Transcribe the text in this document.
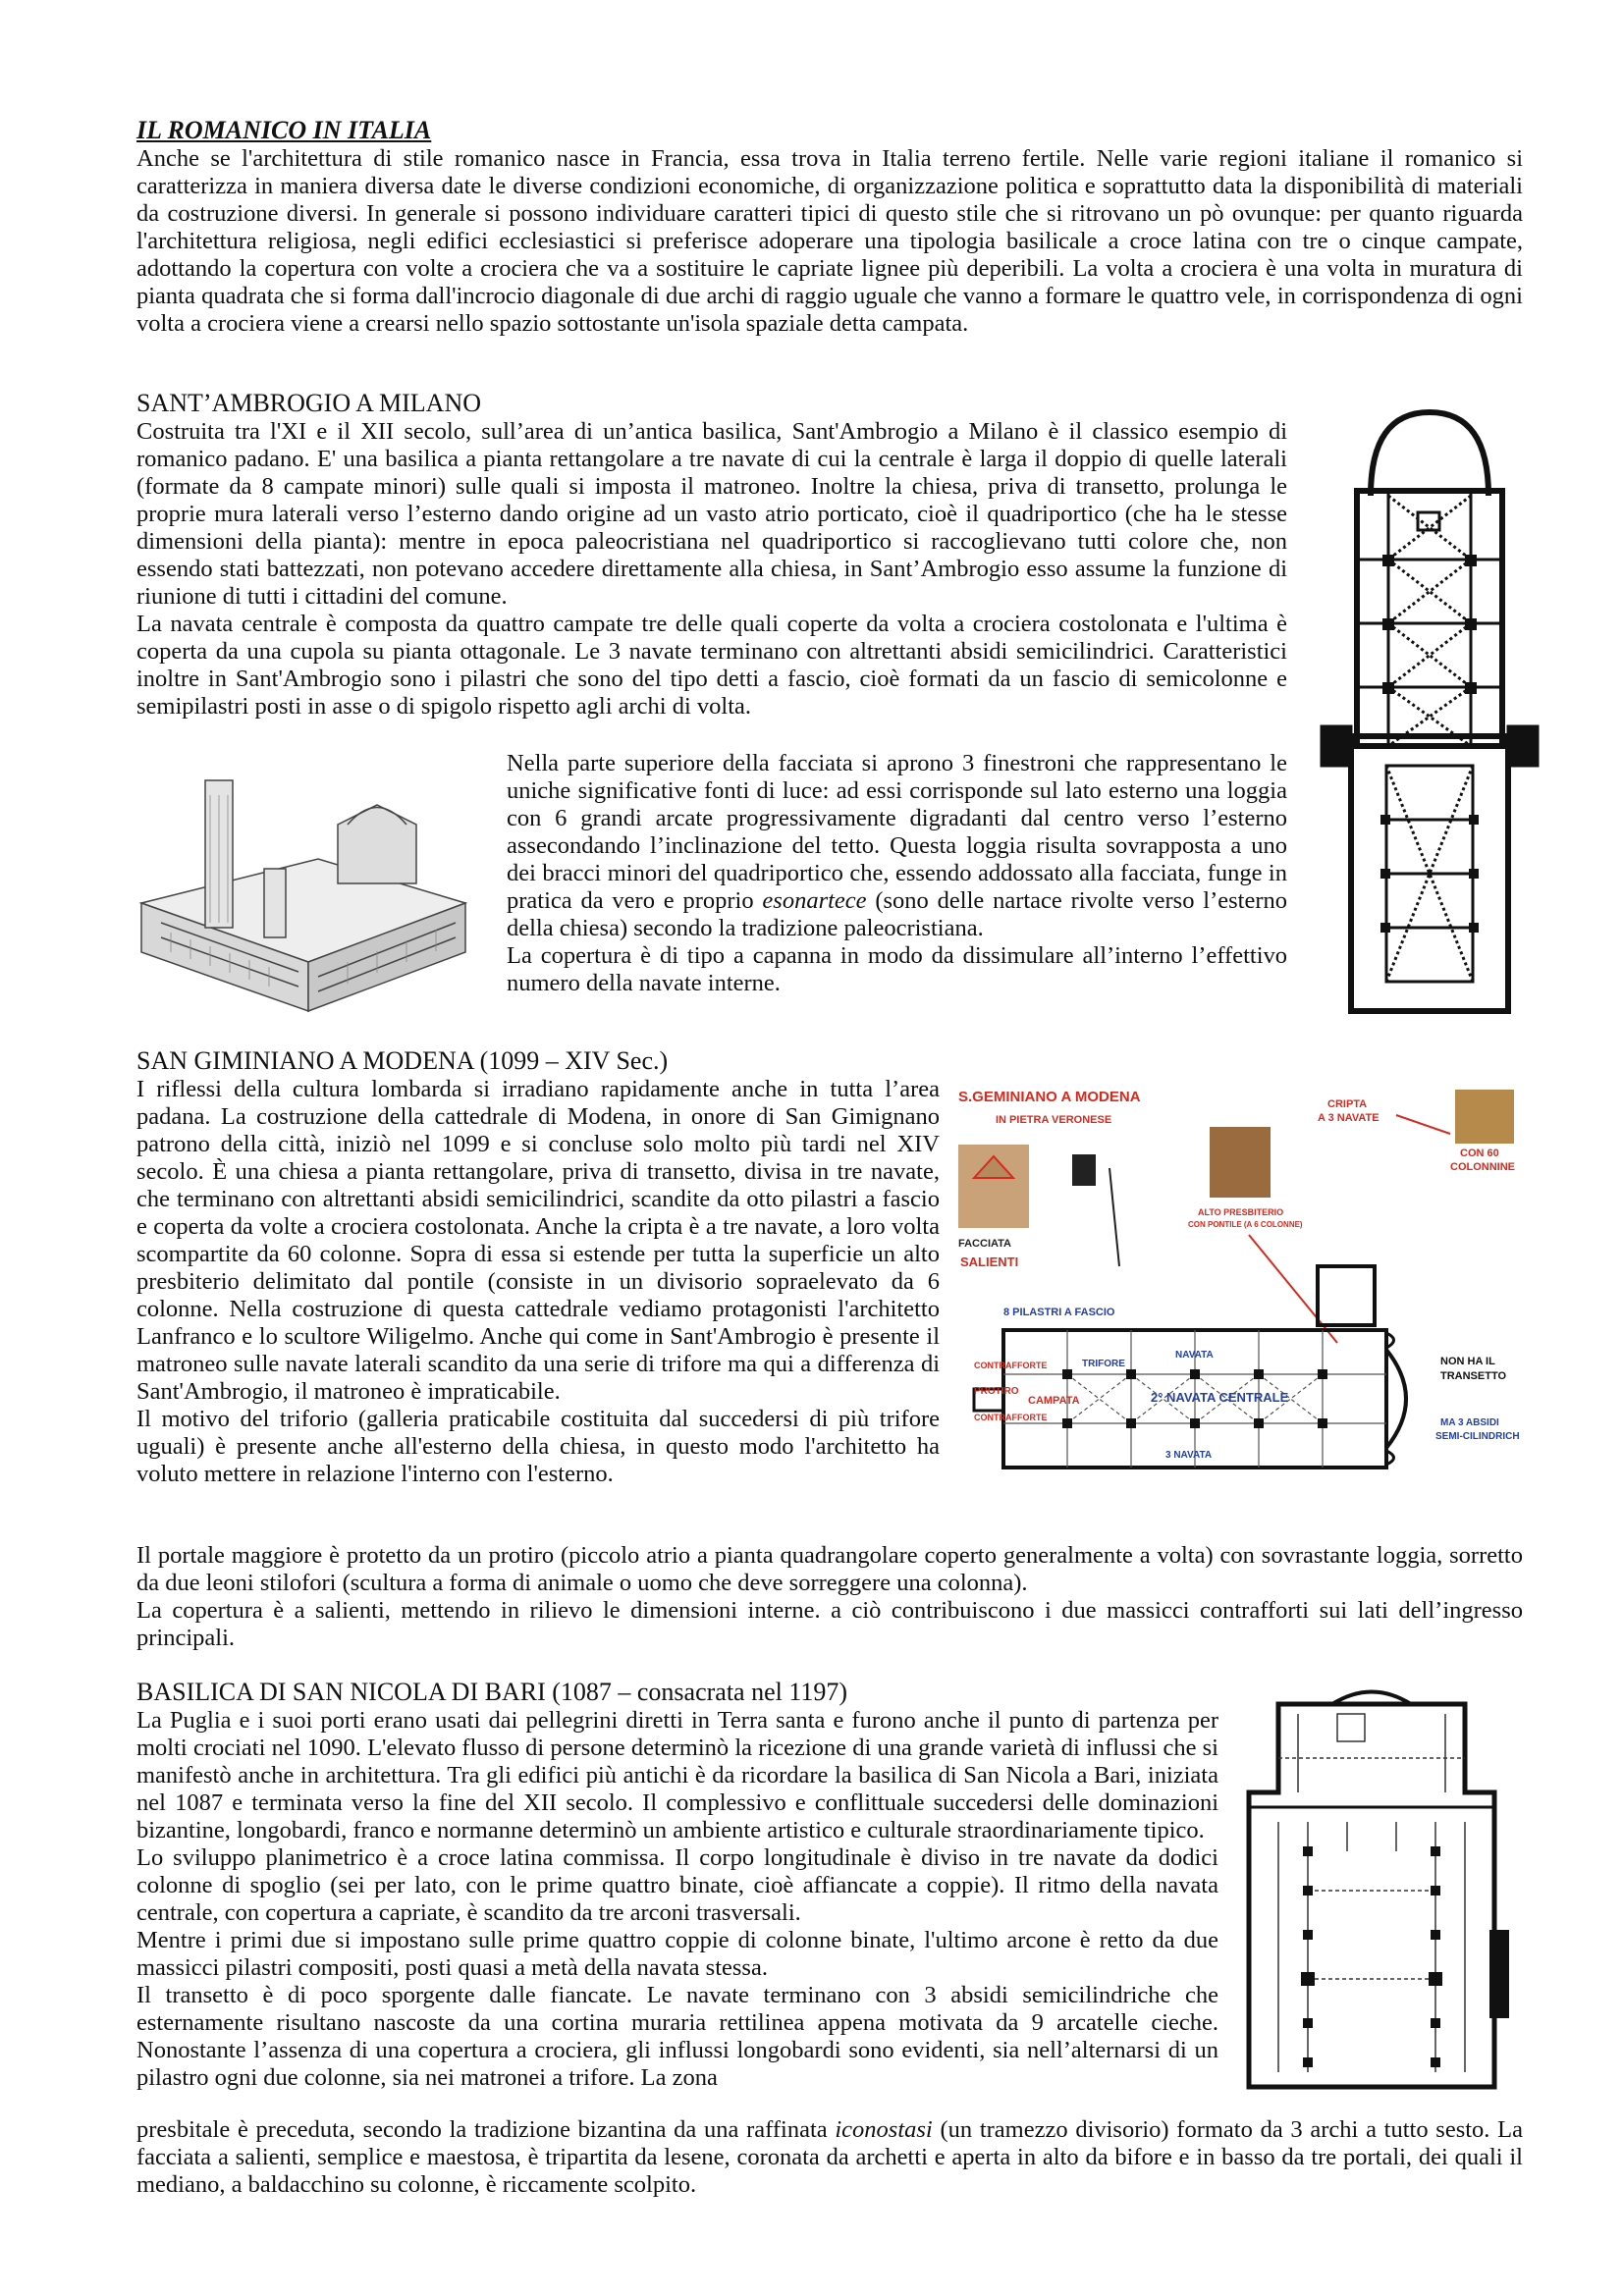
IL ROMANICO IN ITALIA

Anche se l'architettura di stile romanico nasce in Francia, essa trova in Italia terreno fertile. Nelle varie regioni italiane il romanico si caratterizza in maniera diversa date le diverse condizioni economiche, di organizzazione politica e soprattutto data la disponibilità di materiali da costruzione diversi. In generale si possono individuare caratteri tipici di questo stile che si ritrovano un pò ovunque: per quanto riguarda l'architettura religiosa, negli edifici ecclesiastici si preferisce adoperare una tipologia basilicale a croce latina con tre o cinque campate, adottando la copertura con volte a crociera che va a sostituire le capriate lignee più deperibili. La volta a crociera è una volta in muratura di pianta quadrata che si forma dall'incrocio diagonale di due archi di raggio uguale che vanno a formare le quattro vele, in corrispondenza di ogni volta a crociera viene a crearsi nello spazio sottostante un'isola spaziale detta campata.

SANT’AMBROGIO A MILANO

Costruita tra l'XI e il XII secolo, sull’area di un’antica basilica, Sant'Ambrogio a Milano è il classico esempio di romanico padano. E' una basilica a pianta rettangolare a tre navate di cui la centrale è larga il doppio di quelle laterali (formate da 8 campate minori) sulle quali si imposta il matroneo. Inoltre la chiesa, priva di transetto, prolunga le proprie mura laterali verso l’esterno dando origine ad un vasto atrio porticato, cioè il quadriportico (che ha le stesse dimensioni della pianta): mentre in epoca paleocristiana nel quadriportico si raccoglievano tutti colore che, non essendo stati battezzati, non potevano accedere direttamente alla chiesa, in Sant’Ambrogio esso assume la funzione di riunione di tutti i cittadini del comune.

La navata centrale è composta da quattro campate tre delle quali coperte da volta a crociera costolonata e l'ultima è coperta da una cupola su pianta ottagonale. Le 3 navate terminano con altrettanti absidi semicilindrici. Caratteristici inoltre in Sant'Ambrogio sono i pilastri che sono del tipo detti a fascio, cioè formati da un fascio di semicolonne e semipilastri posti in asse o di spigolo rispetto agli archi di volta.

Nella parte superiore della facciata si aprono 3 finestroni che rappresentano le uniche significative fonti di luce: ad essi corrisponde sul lato esterno una loggia con 6 grandi arcate progressivamente digradanti dal centro verso l’esterno assecondando l’inclinazione del tetto. Questa loggia risulta sovrapposta a uno dei bracci minori del quadriportico che, essendo addossato alla facciata, funge in pratica da vero e proprio esonartece (sono delle nartace rivolte verso l’esterno della chiesa) secondo la tradizione paleocristiana.

La copertura è di tipo a capanna in modo da dissimulare all’interno l’effettivo numero della navate interne.

SAN GIMINIANO A MODENA (1099 – XIV Sec.)

I riflessi della cultura lombarda si irradiano rapidamente anche in tutta l’area padana. La costruzione della cattedrale di Modena, in onore di San Gimignano patrono della città, iniziò nel 1099 e si concluse solo molto più tardi nel XIV secolo. È una chiesa a pianta rettangolare, priva di transetto, divisa in tre navate, che terminano con altrettanti absidi semicilindrici, scandite da otto pilastri a fascio e coperta da volte a crociera costolonata. Anche la cripta è a tre navate, a loro volta scompartite da 60 colonne. Sopra di essa si estende per tutta la superficie un alto presbiterio delimitato dal pontile (consiste in un divisorio sopraelevato da 6 colonne. Nella costruzione di questa cattedrale vediamo protagonisti l'architetto Lanfranco e lo scultore Wiligelmo. Anche qui come in Sant'Ambrogio è presente il matroneo sulle navate laterali scandito da una serie di trifore ma qui a differenza di Sant'Ambrogio, il matroneo è impraticabile.

Il motivo del triforio (galleria praticabile costituita dal succedersi di più trifore uguali) è presente anche all'esterno della chiesa, in questo modo l'architetto ha voluto mettere in relazione l'interno con l'esterno.

Il portale maggiore è protetto da un protiro (piccolo atrio a pianta quadrangolare coperto generalmente a volta) con sovrastante loggia, sorretto da due leoni stilofori (scultura a forma di animale o uomo che deve sorreggere una colonna).

La copertura è a salienti, mettendo in rilievo le dimensioni interne. a ciò contribuiscono i due massicci contrafforti sui lati dell’ingresso principali.

S.GEMINIANO A MODENA
IN PIETRA VERONESE
CRIPTA
A 3 NAVATE
CON 60
COLONNINE
ALTO PRESBITERIO
CON PONTILE (A 6 COLONNE)
FACCIATA
SALIENTI
8 PILASTRI A FASCIO
NAVATA
TRIFORE
CONTRAFFORTE
PROTIRO
CAMPATA	2° NAVATA CENTRALE
CONTRAFFORTE
3 NAVATA
NON HA IL
TRANSETTO
MA 3 ABSIDI
SEMI-CILINDRICH
BASILICA DI SAN NICOLA DI BARI (1087 – consacrata nel 1197)

La Puglia e i suoi porti erano usati dai pellegrini diretti in Terra santa e furono anche il punto di partenza per molti crociati nel 1090. L'elevato flusso di persone determinò la ricezione di una grande varietà di influssi che si manifestò anche in architettura. Tra gli edifici più antichi è da ricordare la basilica di San Nicola a Bari, iniziata nel 1087 e terminata verso la fine del XII secolo. Il complessivo e conflittuale succedersi delle dominazioni bizantine, longobardi, franco e normanne determinò un ambiente artistico e culturale straordinariamente tipico.

Lo sviluppo planimetrico è a croce latina commissa. Il corpo longitudinale è diviso in tre navate da dodici colonne di spoglio (sei per lato, con le prime quattro binate, cioè affiancate a coppie). Il ritmo della navata centrale, con copertura a capriate, è scandito da tre arconi trasversali.

Mentre i primi due si impostano sulle prime quattro coppie di colonne binate, l'ultimo arcone è retto da due massicci pilastri compositi, posti quasi a metà della navata stessa.

Il transetto è di poco sporgente dalle fiancate. Le navate terminano con 3 absidi semicilindriche che esternamente risultano nascoste da una cortina muraria rettilinea appena motivata da 9 arcatelle cieche. Nonostante l’assenza di una copertura a crociera, gli influssi longobardi sono evidenti, sia nell’alternarsi di un pilastro ogni due colonne, sia nei matronei a trifore. La zona

presbitale è preceduta, secondo la tradizione bizantina da una raffinata iconostasi (un tramezzo divisorio) formato da 3 archi a tutto sesto. La facciata a salienti, semplice e maestosa, è tripartita da lesene, coronata da archetti e aperta in alto da bifore e in basso da tre portali, dei quali il mediano, a baldacchino su colonne, è riccamente scolpito.
